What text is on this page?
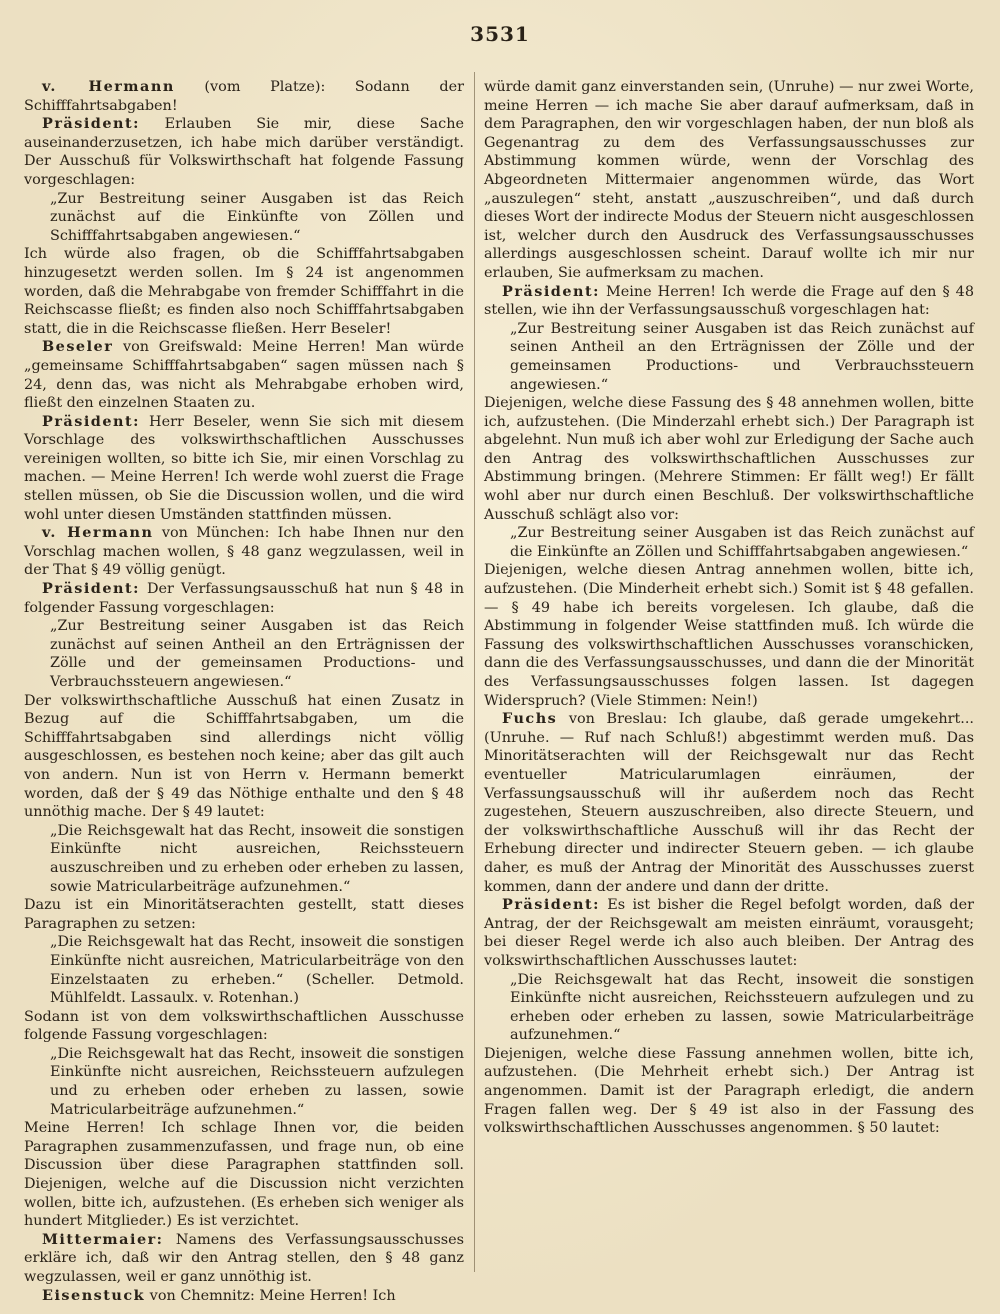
3531

v. Hermann (vom Platze): Sodann der Schifffahrtsabgaben!

Präsident: Erlauben Sie mir, diese Sache auseinanderzusetzen, ich habe mich darüber verständigt. Der Ausschuß für Volkswirthschaft hat folgende Fassung vorgeschlagen:

„Zur Bestreitung seiner Ausgaben ist das Reich zunächst auf die Einkünfte von Zöllen und Schifffahrtsabgaben angewiesen.“

Ich würde also fragen, ob die Schifffahrtsabgaben hinzugesetzt werden sollen. Im § 24 ist angenommen worden, daß die Mehrabgabe von fremder Schifffahrt in die Reichscasse fließt; es finden also noch Schifffahrtsabgaben statt, die in die Reichscasse fließen. Herr Beseler!

Beseler von Greifswald: Meine Herren! Man würde „gemeinsame Schifffahrtsabgaben“ sagen müssen nach § 24, denn das, was nicht als Mehrabgabe erhoben wird, fließt den einzelnen Staaten zu.

Präsident: Herr Beseler, wenn Sie sich mit diesem Vorschlage des volkswirthschaftlichen Ausschusses vereinigen wollten, so bitte ich Sie, mir einen Vorschlag zu machen. — Meine Herren! Ich werde wohl zuerst die Frage stellen müssen, ob Sie die Discussion wollen, und die wird wohl unter diesen Umständen stattfinden müssen.

v. Hermann von München: Ich habe Ihnen nur den Vorschlag machen wollen, § 48 ganz wegzulassen, weil in der That § 49 völlig genügt.

Präsident: Der Verfassungsausschuß hat nun § 48 in folgender Fassung vorgeschlagen:

„Zur Bestreitung seiner Ausgaben ist das Reich zunächst auf seinen Antheil an den Erträgnissen der Zölle und der gemeinsamen Productions- und Verbrauchssteuern angewiesen.“

Der volkswirthschaftliche Ausschuß hat einen Zusatz in Bezug auf die Schifffahrtsabgaben, um die Schifffahrtsabgaben sind allerdings nicht völlig ausgeschlossen, es bestehen noch keine; aber das gilt auch von andern. Nun ist von Herrn v. Hermann bemerkt worden, daß der § 49 das Nöthige enthalte und den § 48 unnöthig mache. Der § 49 lautet:

„Die Reichsgewalt hat das Recht, insoweit die sonstigen Einkünfte nicht ausreichen, Reichssteuern auszuschreiben und zu erheben oder erheben zu lassen, sowie Matricularbeiträge aufzunehmen.“

Dazu ist ein Minoritätserachten gestellt, statt dieses Paragraphen zu setzen:

„Die Reichsgewalt hat das Recht, insoweit die sonstigen Einkünfte nicht ausreichen, Matricularbeiträge von den Einzelstaaten zu erheben.“ (Scheller. Detmold. Mühlfeldt. Lassaulx. v. Rotenhan.)

Sodann ist von dem volkswirthschaftlichen Ausschusse folgende Fassung vorgeschlagen:

„Die Reichsgewalt hat das Recht, insoweit die sonstigen Einkünfte nicht ausreichen, Reichssteuern aufzulegen und zu erheben oder erheben zu lassen, sowie Matricularbeiträge aufzunehmen.“

Meine Herren! Ich schlage Ihnen vor, die beiden Paragraphen zusammenzufassen, und frage nun, ob eine Discussion über diese Paragraphen stattfinden soll. Diejenigen, welche auf die Discussion nicht verzichten wollen, bitte ich, aufzustehen. (Es erheben sich weniger als hundert Mitglieder.) Es ist verzichtet.

Mittermaier: Namens des Verfassungsausschusses erkläre ich, daß wir den Antrag stellen, den § 48 ganz wegzulassen, weil er ganz unnöthig ist.

Eisenstuck von Chemnitz: Meine Herren! Ich

würde damit ganz einverstanden sein, (Unruhe) — nur zwei Worte, meine Herren — ich mache Sie aber darauf aufmerksam, daß in dem Paragraphen, den wir vorgeschlagen haben, der nun bloß als Gegenantrag zu dem des Verfassungsausschusses zur Abstimmung kommen würde, wenn der Vorschlag des Abgeordneten Mittermaier angenommen würde, das Wort „auszulegen“ steht, anstatt „auszuschreiben“, und daß durch dieses Wort der indirecte Modus der Steuern nicht ausgeschlossen ist, welcher durch den Ausdruck des Verfassungsausschusses allerdings ausgeschlossen scheint. Darauf wollte ich mir nur erlauben, Sie aufmerksam zu machen.

Präsident: Meine Herren! Ich werde die Frage auf den § 48 stellen, wie ihn der Verfassungsausschuß vorgeschlagen hat:

„Zur Bestreitung seiner Ausgaben ist das Reich zunächst auf seinen Antheil an den Erträgnissen der Zölle und der gemeinsamen Productions- und Verbrauchssteuern angewiesen.“

Diejenigen, welche diese Fassung des § 48 annehmen wollen, bitte ich, aufzustehen. (Die Minderzahl erhebt sich.) Der Paragraph ist abgelehnt. Nun muß ich aber wohl zur Erledigung der Sache auch den Antrag des volkswirthschaftlichen Ausschusses zur Abstimmung bringen. (Mehrere Stimmen: Er fällt weg!) Er fällt wohl aber nur durch einen Beschluß. Der volkswirthschaftliche Ausschuß schlägt also vor:

„Zur Bestreitung seiner Ausgaben ist das Reich zunächst auf die Einkünfte an Zöllen und Schifffahrtsabgaben angewiesen.“

Diejenigen, welche diesen Antrag annehmen wollen, bitte ich, aufzustehen. (Die Minderheit erhebt sich.) Somit ist § 48 gefallen. — § 49 habe ich bereits vorgelesen. Ich glaube, daß die Abstimmung in folgender Weise stattfinden muß. Ich würde die Fassung des volkswirthschaftlichen Ausschusses voranschicken, dann die des Verfassungsausschusses, und dann die der Minorität des Verfassungsausschusses folgen lassen. Ist dagegen Widerspruch? (Viele Stimmen: Nein!)

Fuchs von Breslau: Ich glaube, daß gerade umgekehrt... (Unruhe. — Ruf nach Schluß!) abgestimmt werden muß. Das Minoritätserachten will der Reichsgewalt nur das Recht eventueller Matricularumlagen einräumen, der Verfassungsausschuß will ihr außerdem noch das Recht zugestehen, Steuern auszuschreiben, also directe Steuern, und der volkswirthschaftliche Ausschuß will ihr das Recht der Erhebung directer und indirecter Steuern geben. — ich glaube daher, es muß der Antrag der Minorität des Ausschusses zuerst kommen, dann der andere und dann der dritte.

Präsident: Es ist bisher die Regel befolgt worden, daß der Antrag, der der Reichsgewalt am meisten einräumt, vorausgeht; bei dieser Regel werde ich also auch bleiben. Der Antrag des volkswirthschaftlichen Ausschusses lautet:

„Die Reichsgewalt hat das Recht, insoweit die sonstigen Einkünfte nicht ausreichen, Reichssteuern aufzulegen und zu erheben oder erheben zu lassen, sowie Matricularbeiträge aufzunehmen.“

Diejenigen, welche diese Fassung annehmen wollen, bitte ich, aufzustehen. (Die Mehrheit erhebt sich.) Der Antrag ist angenommen. Damit ist der Paragraph erledigt, die andern Fragen fallen weg. Der § 49 ist also in der Fassung des volkswirthschaftlichen Ausschusses angenommen. § 50 lautet:
